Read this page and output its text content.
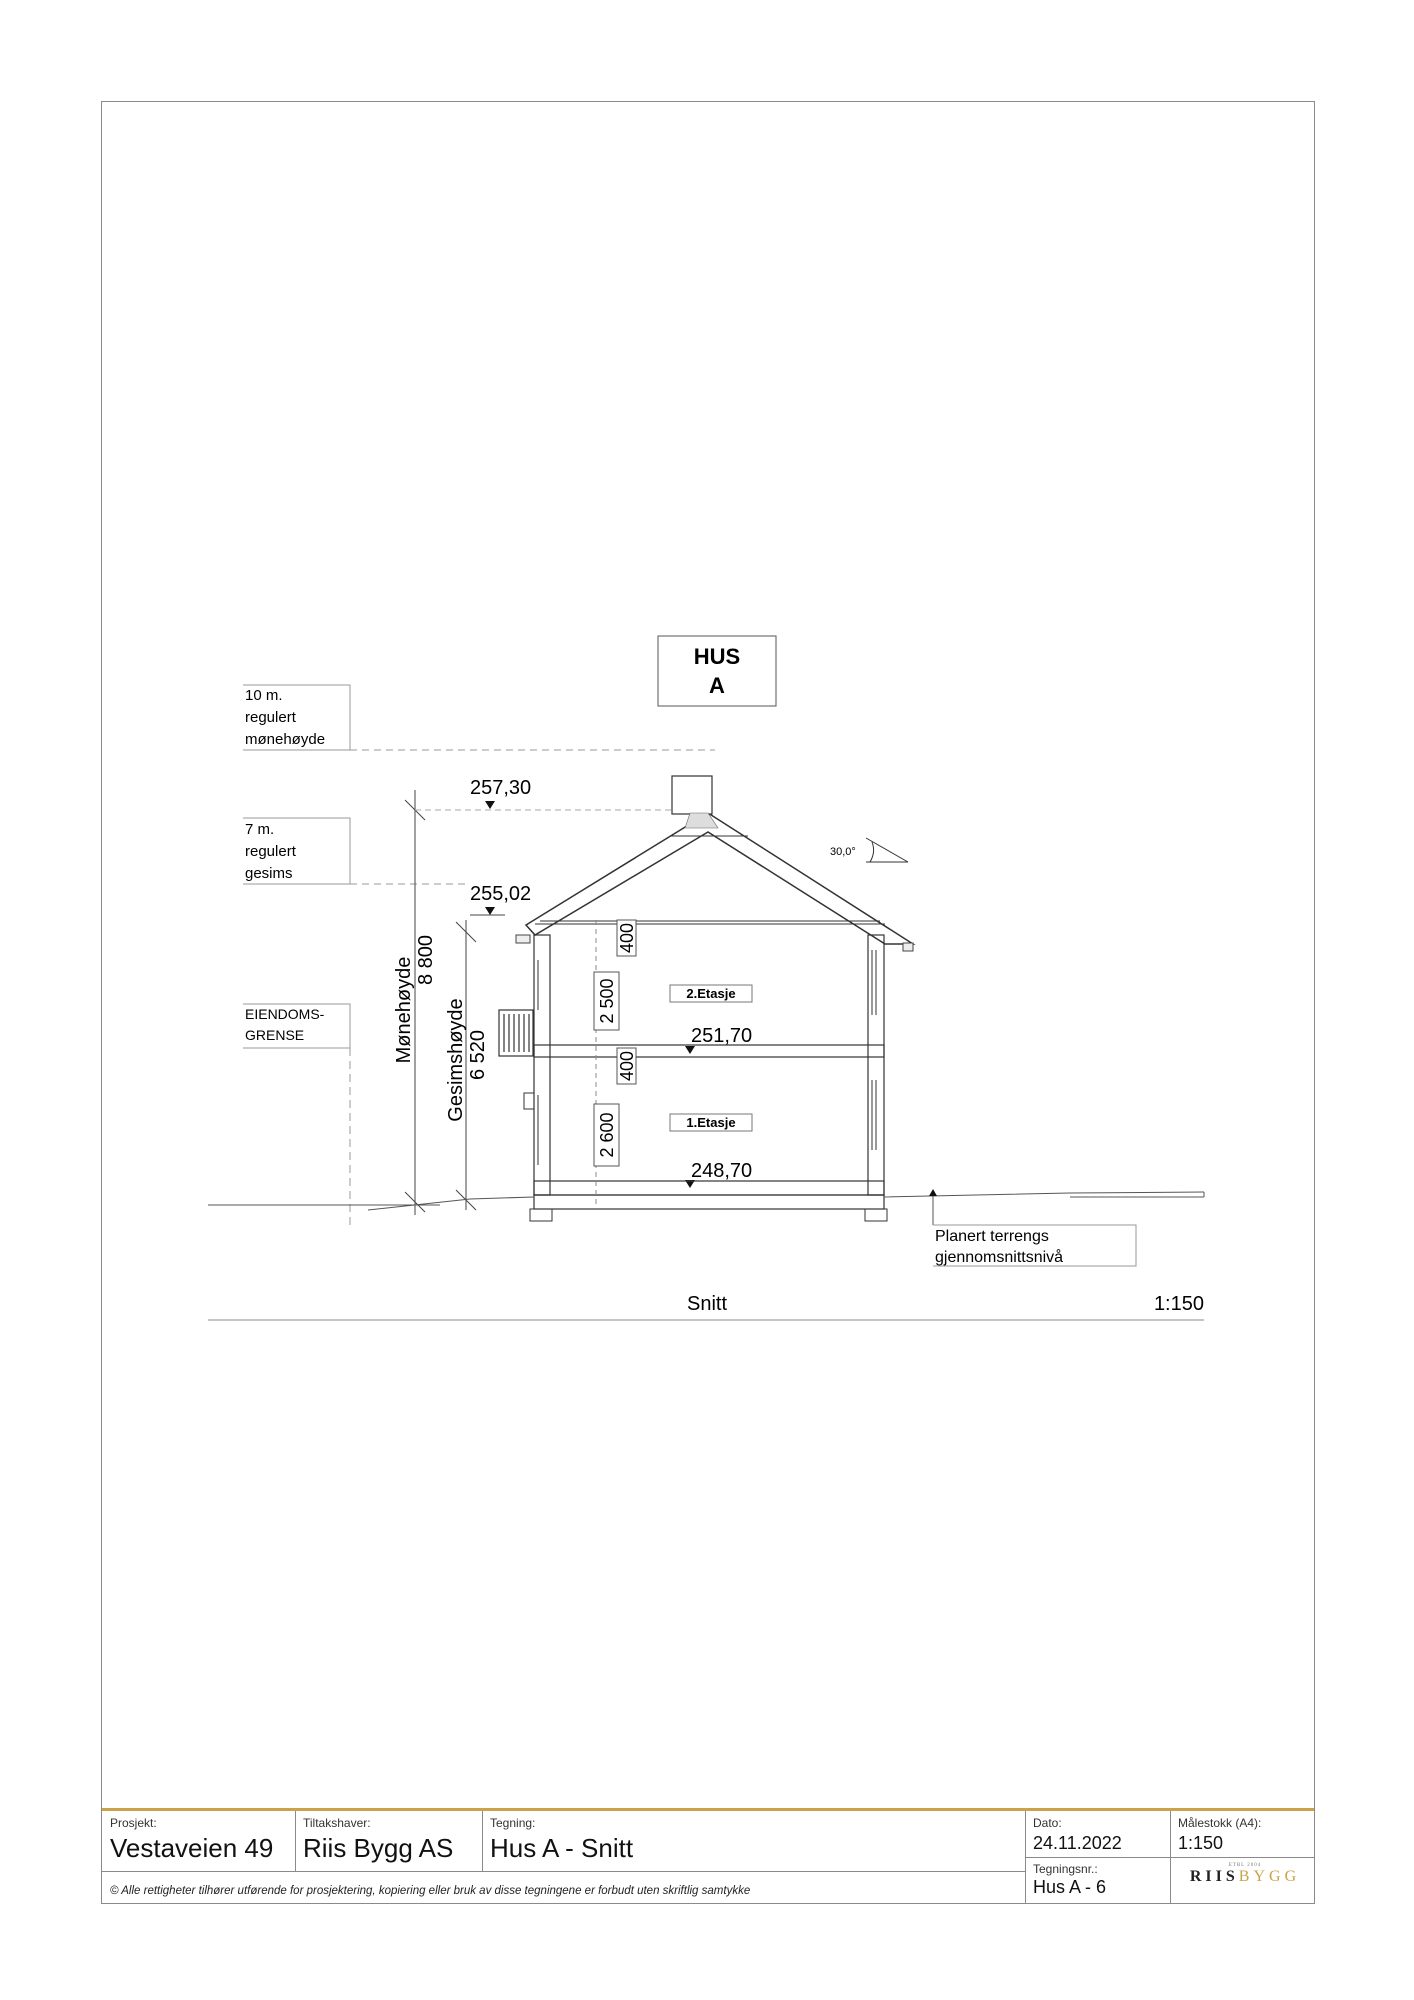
HUS
A
10 m.
regulert
mønehøyde
7 m.
regulert
gesims
EIENDOMS-
GRENSE	Mønehøyde 8 800
Gesimshøyde 6 520
257,30
255,02
251,70
248,70
30,0°
400
2 500
400
2 600
2.Etasje
1.Etasje
Planert terrengs
gjennomsnittsnivå
Snitt	1:150
Prosjekt:
Vestaveien 49
Tiltakshaver:
Riis Bygg AS
Tegning:
Hus A - Snitt
Dato:
24.11.2022
Målestokk (A4):
1:150
Tegningsnr.:
Hus A - 6
© Alle rettigheter tilhører utførende for prosjektering, kopiering eller bruk av disse tegningene er forbudt uten skriftlig samtykke
ETBL 2004
RIISBYGG
